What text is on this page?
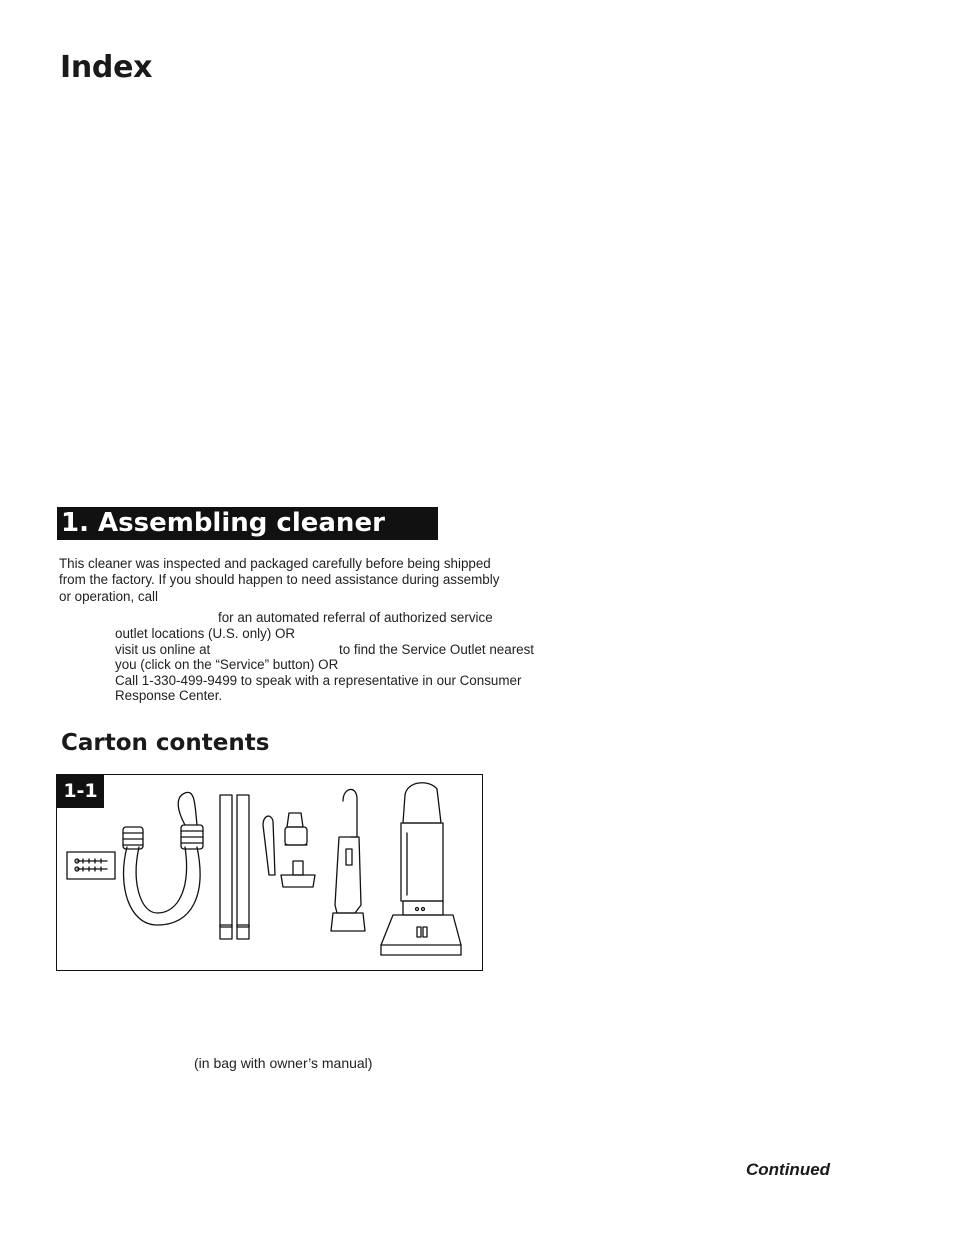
Index
1. Assembling cleaner
This cleaner was inspected and packaged carefully before being shipped
from the factory. If you should happen to need assistance during assembly
or operation, call
for an automated referral of authorized service
outlet locations (U.S. only) OR
visit us online at	to find the Service Outlet nearest
you (click on the “Service” button) OR
Call 1-330-499-9499 to speak with a representative in our Consumer
Response Center.
Carton contents
1-1
(in bag with owner’s manual)
Continued
